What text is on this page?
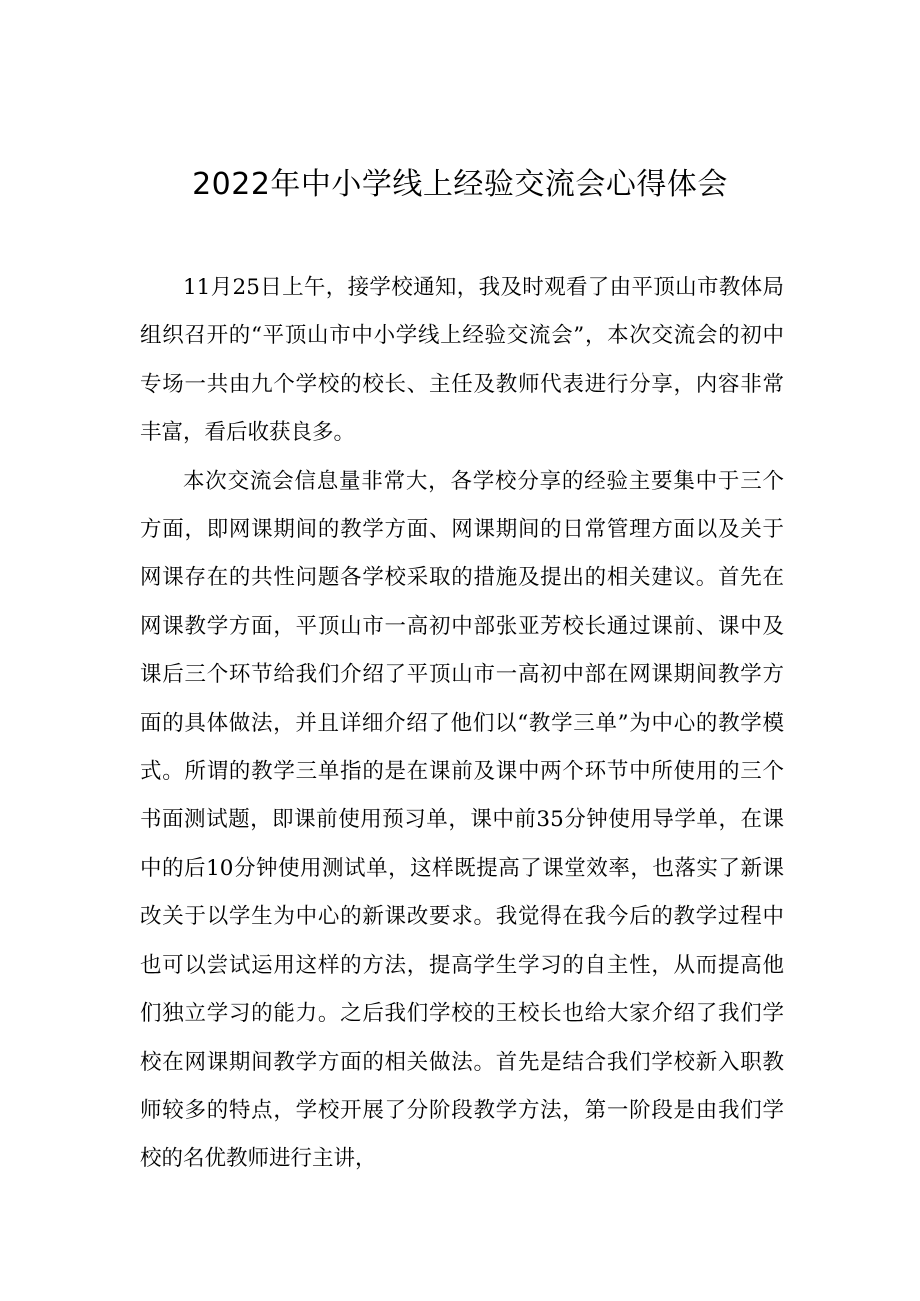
2022年中小学线上经验交流会心得体会

11月25日上午，接学校通知，我及时观看了由平顶山市教体局组织召开的“平顶山市中小学线上经验交流会”，本次交流会的初中专场一共由九个学校的校长、主任及教师代表进行分享，内容非常丰富，看后收获良多。

本次交流会信息量非常大，各学校分享的经验主要集中于三个方面，即网课期间的教学方面、网课期间的日常管理方面以及关于网课存在的共性问题各学校采取的措施及提出的相关建议。首先在网课教学方面，平顶山市一高初中部张亚芳校长通过课前、课中及课后三个环节给我们介绍了平顶山市一高初中部在网课期间教学方面的具体做法，并且详细介绍了他们以“教学三单”为中心的教学模式。所谓的教学三单指的是在课前及课中两个环节中所使用的三个书面测试题，即课前使用预习单，课中前35分钟使用导学单，在课中的后10分钟使用测试单，这样既提高了课堂效率，也落实了新课改关于以学生为中心的新课改要求。我觉得在我今后的教学过程中也可以尝试运用这样的方法，提高学生学习的自主性，从而提高他们独立学习的能力。之后我们学校的王校长也给大家介绍了我们学校在网课期间教学方面的相关做法。首先是结合我们学校新入职教师较多的特点，学校开展了分阶段教学方法，第一阶段是由我们学校的名优教师进行主讲，
